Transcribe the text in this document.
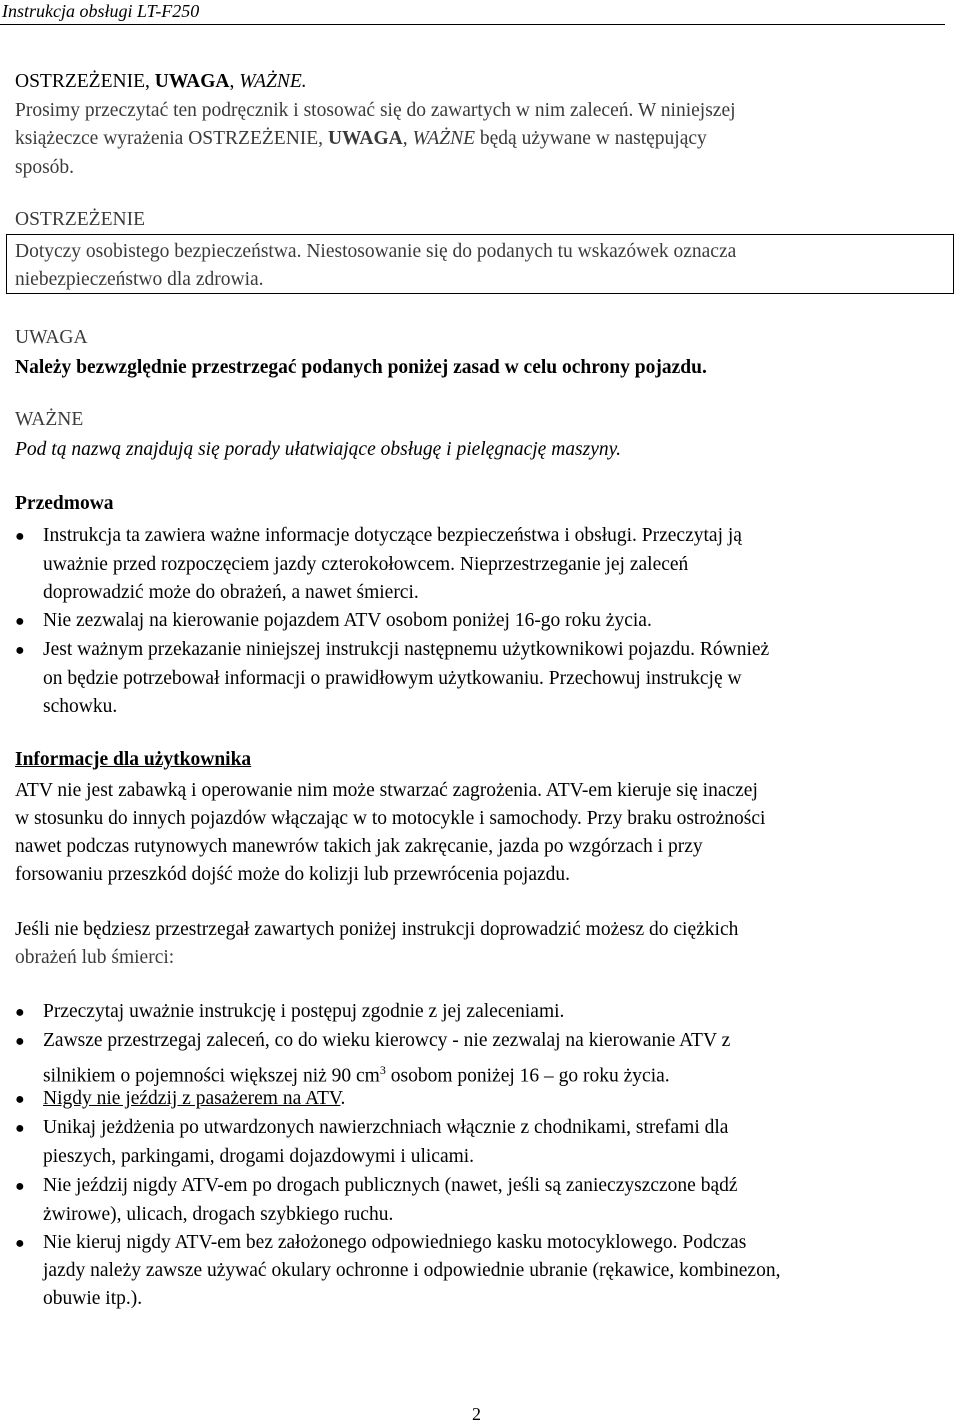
Instrukcja obsługi LT-F250

OSTRZEŻENIE, UWAGA, WAŻNE.

Prosimy przeczytać ten podręcznik i stosować się do zawartych w nim zaleceń. W niniejszej

książeczce wyrażenia OSTRZEŻENIE, UWAGA, WAŻNE będą używane w następujący

sposób.

OSTRZEŻENIE

Dotyczy osobistego bezpieczeństwa. Niestosowanie się do podanych tu wskazówek oznacza

niebezpieczeństwo dla zdrowia.

UWAGA

Należy bezwzględnie przestrzegać podanych poniżej zasad w celu ochrony pojazdu.

WAŻNE

Pod tą nazwą znajdują się porady ułatwiające obsługę i pielęgnację maszyny.

Przedmowa

● Instrukcja ta zawiera ważne informacje dotyczące bezpieczeństwa i obsługi. Przeczytaj ją

uważnie przed rozpoczęciem jazdy czterokołowcem. Nieprzestrzeganie jej zaleceń

doprowadzić może do obrażeń, a nawet śmierci.

● Nie zezwalaj na kierowanie pojazdem ATV osobom poniżej 16-go roku życia.

● Jest ważnym przekazanie niniejszej instrukcji następnemu użytkownikowi pojazdu. Również

on będzie potrzebował informacji o prawidłowym użytkowaniu. Przechowuj instrukcję w

schowku.

Informacje dla użytkownika

ATV nie jest zabawką i operowanie nim może stwarzać zagrożenia. ATV-em kieruje się inaczej

w stosunku do innych pojazdów włączając w to motocykle i samochody. Przy braku ostrożności

nawet podczas rutynowych manewrów takich jak zakręcanie, jazda po wzgórzach i przy

forsowaniu przeszkód dojść może do kolizji lub przewrócenia pojazdu.

Jeśli nie będziesz przestrzegał zawartych poniżej instrukcji doprowadzić możesz do ciężkich

obrażeń lub śmierci:

● Przeczytaj uważnie instrukcję i postępuj zgodnie z jej zaleceniami.

● Zawsze przestrzegaj zaleceń, co do wieku kierowcy - nie zezwalaj na kierowanie ATV z

silnikiem o pojemności większej niż 90 $cm^3$ osobom poniżej 16 – go roku życia.

● Nigdy nie jeździj z pasażerem na ATV.

● Unikaj jeżdżenia po utwardzonych nawierzchniach włącznie z chodnikami, strefami dla

pieszych, parkingami, drogami dojazdowymi i ulicami.

● Nie jeździj nigdy ATV-em po drogach publicznych (nawet, jeśli są zanieczyszczone bądź

żwirowe), ulicach, drogach szybkiego ruchu.

● Nie kieruj nigdy ATV-em bez założonego odpowiedniego kasku motocyklowego. Podczas

jazdy należy zawsze używać okulary ochronne i odpowiednie ubranie (rękawice, kombinezon,

obuwie itp.).

2
